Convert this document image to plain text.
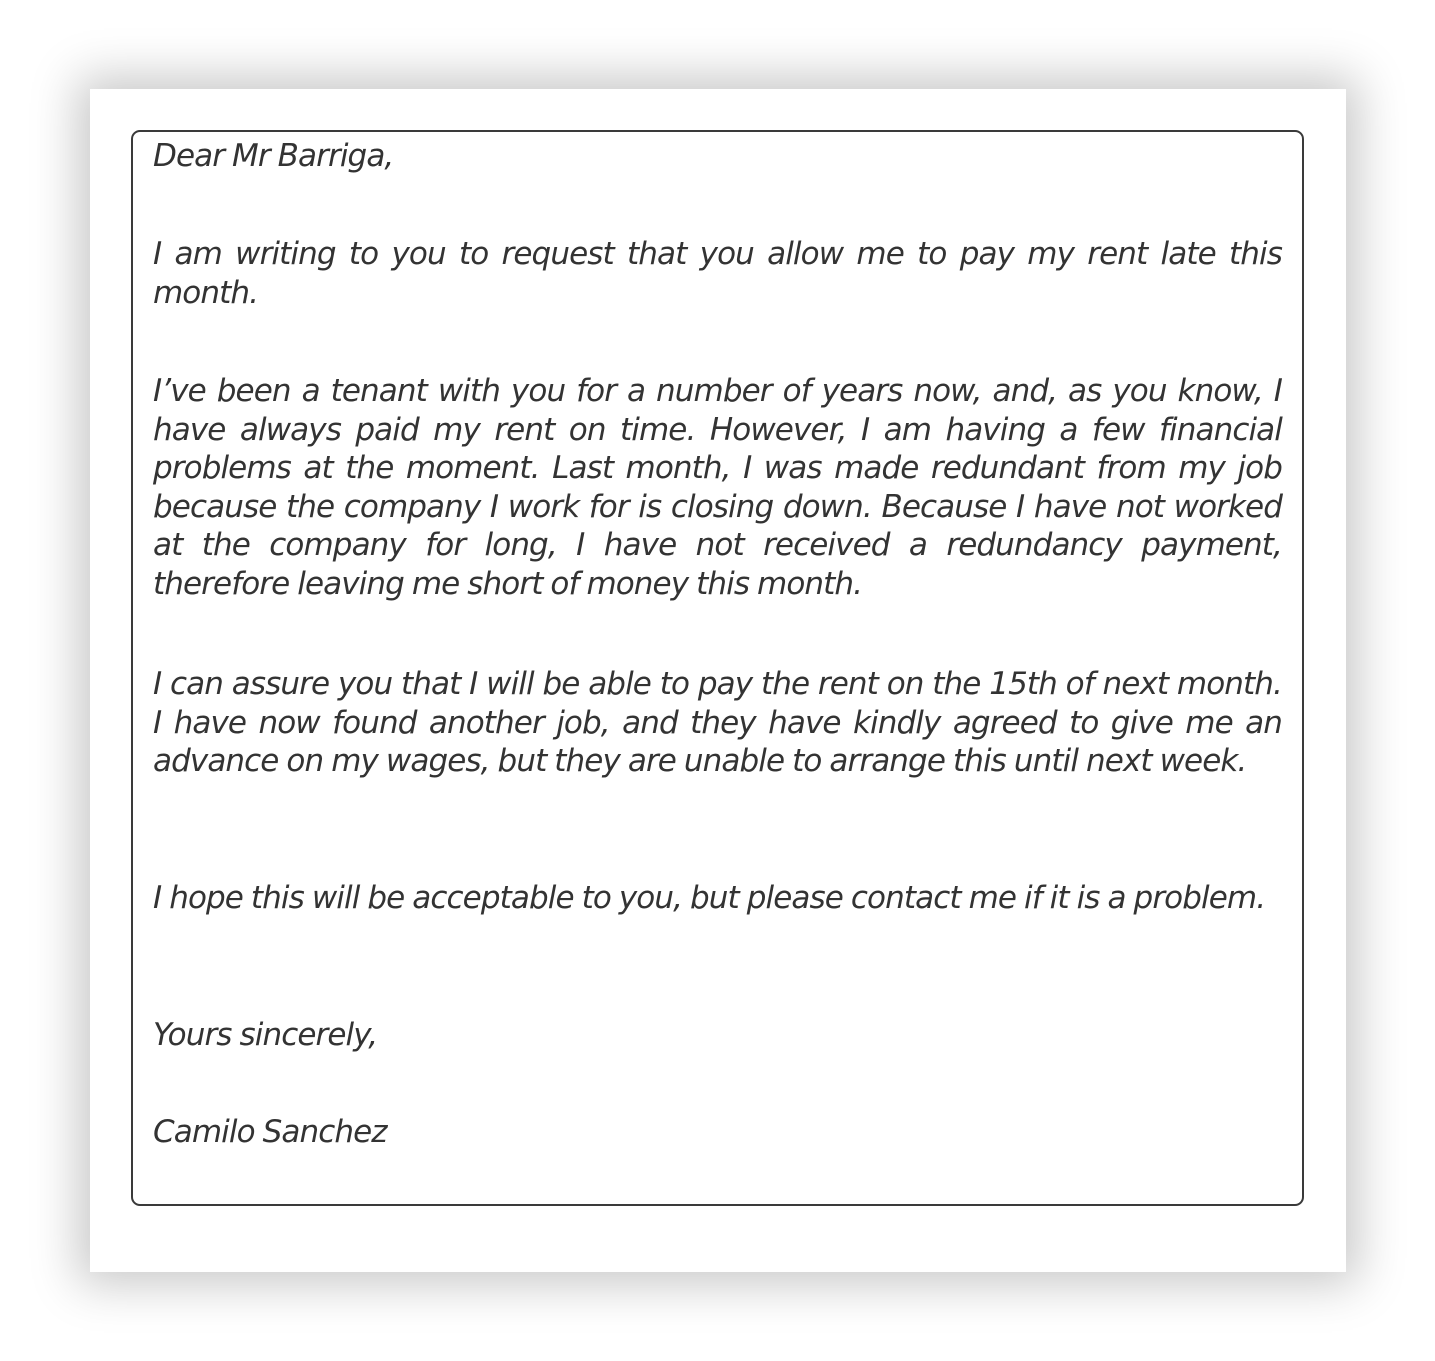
Dear Mr Barriga,

I am writing to you to request that you allow me to pay my rent late this month.

I’ve been a tenant with you for a number of years now, and, as you know, I have always paid my rent on time. However, I am having a few financial problems at the moment. Last month, I was made redundant from my job because the company I work for is closing down. Because I have not worked at the company for long, I have not received a redundancy payment, therefore leaving me short of money this month.

I can assure you that I will be able to pay the rent on the 15th of next month. I have now found another job, and they have kindly agreed to give me an advance on my wages, but they are unable to arrange this until next week.

I hope this will be acceptable to you, but please contact me if it is a problem.

Yours sincerely,

Camilo Sanchez
